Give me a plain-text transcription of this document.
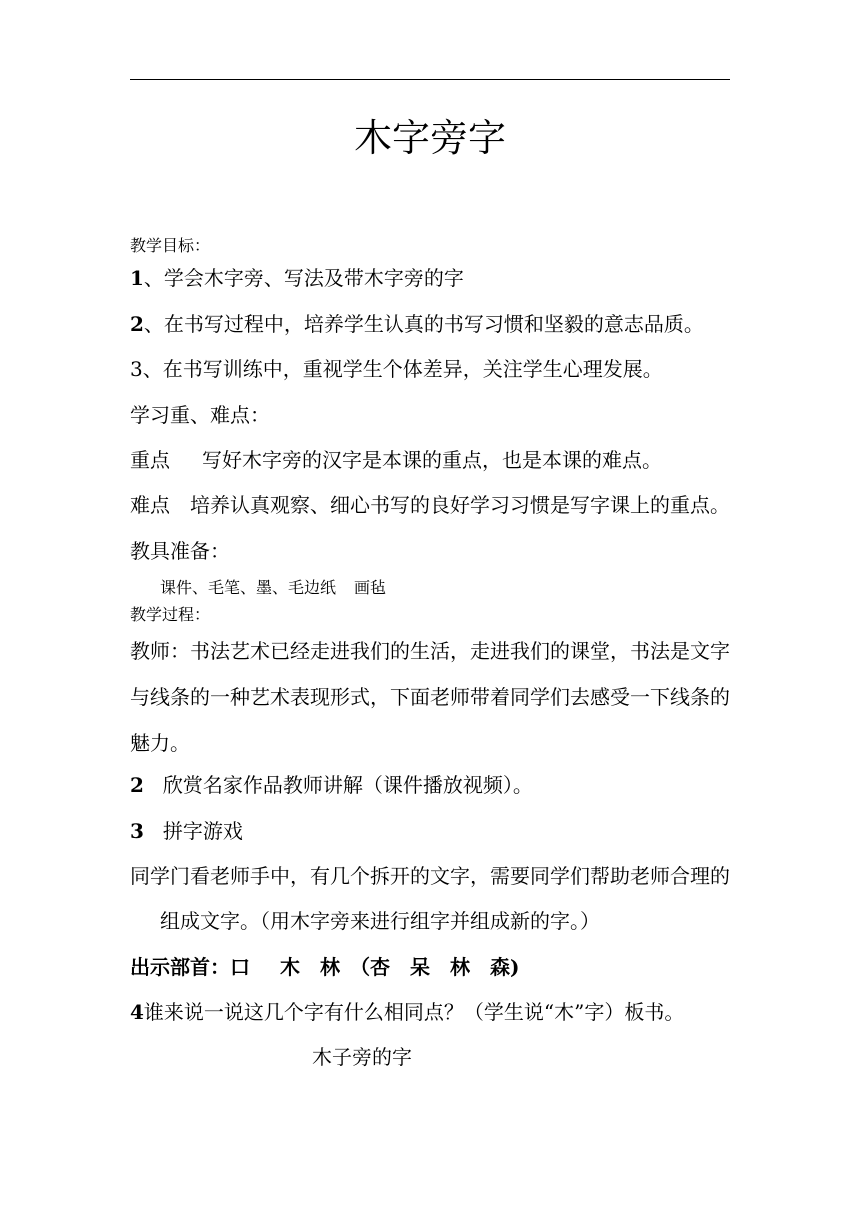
木字旁字
教学目标：
1、学会木字旁、写法及带木字旁的字
2、在书写过程中，培养学生认真的书写习惯和坚毅的意志品质。
3、在书写训练中，重视学生个体差异，关注学生心理发展。
学习重、难点：
重点 写好木字旁的汉字是本课的重点，也是本课的难点。
难点 培养认真观察、细心书写的良好学习习惯是写字课上的重点。
教具准备：
课件、毛笔、墨、毛边纸 画毡
教学过程：
教师：书法艺术已经走进我们的生活，走进我们的课堂，书法是文字
与线条的一种艺术表现形式，下面老师带着同学们去感受一下线条的
魅力。
2 欣赏名家作品教师讲解（课件播放视频）。
3 拼字游戏
同学门看老师手中，有几个拆开的文字，需要同学们帮助老师合理的
组成文字。（用木字旁来进行组字并组成新的字。）
出示部首：口 木　林　（杏　呆　林　森)
4谁来说一说这几个字有什么相同点？（学生说“木”字）板书。
木子旁的字
